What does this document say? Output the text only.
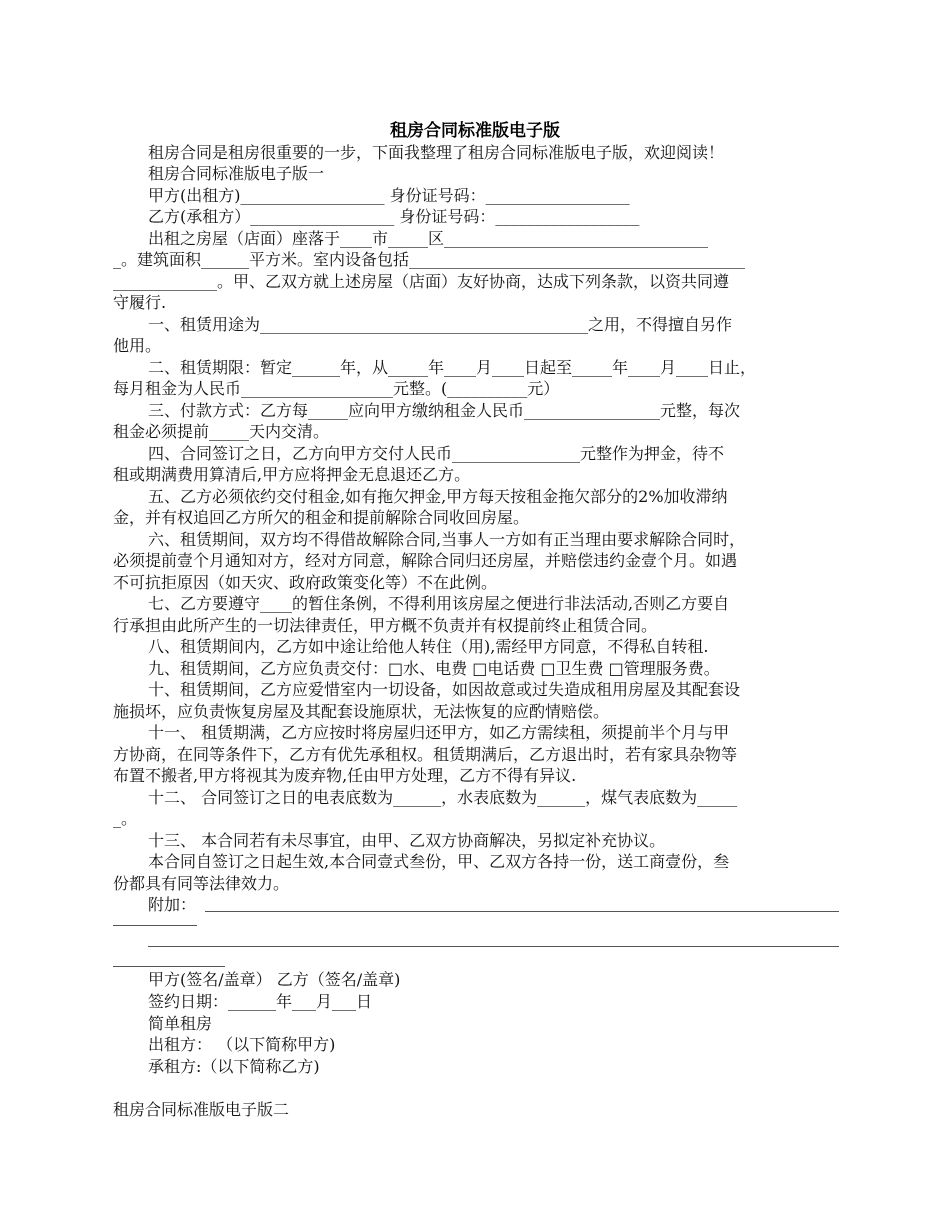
租房合同标准版电子版

租房合同是租房很重要的一步，下面我整理了租房合同标准版电子版，欢迎阅读！

租房合同标准版电子版一

甲方(出租方)__________________ 身份证号码：__________________

乙方(承租方）__________________ 身份证号码：__________________

出租之房屋（店面）座落于____市_____区_________________________________

_。建筑面积______平方米。室内设备包括__________________________________________

_____________。甲、乙双方就上述房屋（店面）友好协商，达成下列条款，以资共同遵

守履行.

一、租赁用途为_________________________________________之用，不得擅自另作

他用。

二、租赁期限：暂定______年，从_____年____月____日起至_____年____月____日止，

每月租金为人民币___________________元整。(__________元）

三、付款方式：乙方每_____应向甲方缴纳租金人民币_________________元整，每次

租金必须提前_____天内交清。

四、合同签订之日，乙方向甲方交付人民币________________元整作为押金，待不

租或期满费用算清后,甲方应将押金无息退还乙方。

五、乙方必须依约交付租金,如有拖欠押金,甲方每天按租金拖欠部分的2%加收滞纳

金，并有权追回乙方所欠的租金和提前解除合同收回房屋。

六、租赁期间，双方均不得借故解除合同,当事人一方如有正当理由要求解除合同时，

必须提前壹个月通知对方，经对方同意，解除合同归还房屋，并赔偿违约金壹个月。如遇

不可抗拒原因（如天灾、政府政策变化等）不在此例。

七、乙方要遵守____的暂住条例，不得利用该房屋之便进行非法活动,否则乙方要自

行承担由此所产生的一切法律责任，甲方概不负责并有权提前终止租赁合同。

八、租赁期间内，乙方如中途让给他人转住（用),需经甲方同意，不得私自转租.

九、租赁期间，乙方应负责交付：□水、电费 □电话费 □卫生费 □管理服务费。

十、租赁期间，乙方应爱惜室内一切设备，如因故意或过失造成租用房屋及其配套设

施损坏，应负责恢复房屋及其配套设施原状，无法恢复的应酌情赔偿。

十一、 租赁期满，乙方应按时将房屋归还甲方，如乙方需续租，须提前半个月与甲

方协商，在同等条件下，乙方有优先承租权。租赁期满后，乙方退出时，若有家具杂物等

布置不搬者,甲方将视其为废弃物,任由甲方处理，乙方不得有异议.

十二、 合同签订之日的电表底数为______，水表底数为______，煤气表底数为_____

_。

十三、 本合同若有未尽事宜，由甲、乙双方协商解决，另拟定补充协议。

本合同自签订之日起生效,本合同壹式叁份，甲、乙双方各持一份，送工商壹份，叁

份都具有同等法律效力。

附加：

甲方(签名/盖章） 乙方（签名/盖章)

签约日期：______年___月___日

简单租房

出租方： （以下简称甲方)

承租方:（以下简称乙方)

租房合同标准版电子版二
